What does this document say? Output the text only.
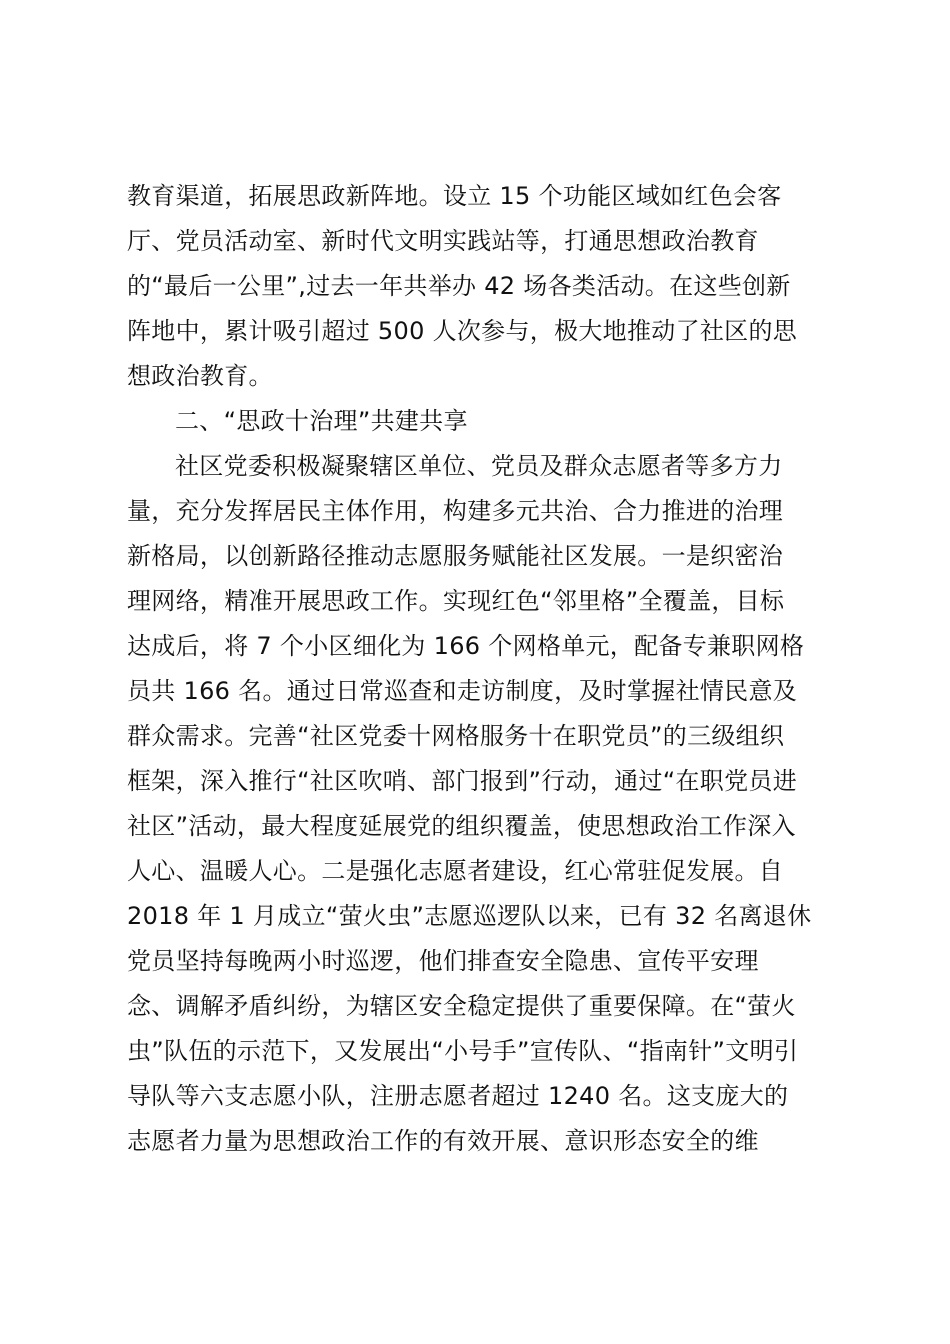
教育渠道，拓展思政新阵地。设立 15 个功能区域如红色会客
厅、党员活动室、新时代文明实践站等，打通思想政治教育
的“最后一公里”,过去一年共举办 42 场各类活动。在这些创新
阵地中，累计吸引超过 500 人次参与，极大地推动了社区的思
想政治教育。
二、“思政十治理”共建共享
社区党委积极凝聚辖区单位、党员及群众志愿者等多方力
量，充分发挥居民主体作用，构建多元共治、合力推进的治理
新格局，以创新路径推动志愿服务赋能社区发展。一是织密治
理网络，精准开展思政工作。实现红色“邻里格”全覆盖，目标
达成后，将 7 个小区细化为 166 个网格单元，配备专兼职网格
员共 166 名。通过日常巡查和走访制度，及时掌握社情民意及
群众需求。完善“社区党委十网格服务十在职党员”的三级组织
框架，深入推行“社区吹哨、部门报到”行动，通过“在职党员进
社区”活动，最大程度延展党的组织覆盖，使思想政治工作深入
人心、温暖人心。二是强化志愿者建设，红心常驻促发展。自
2018 年 1 月成立“萤火虫”志愿巡逻队以来，已有 32 名离退休
党员坚持每晚两小时巡逻，他们排查安全隐患、宣传平安理
念、调解矛盾纠纷，为辖区安全稳定提供了重要保障。在“萤火
虫”队伍的示范下，又发展出“小号手”宣传队、“指南针”文明引
导队等六支志愿小队，注册志愿者超过 1240 名。这支庞大的
志愿者力量为思想政治工作的有效开展、意识形态安全的维
